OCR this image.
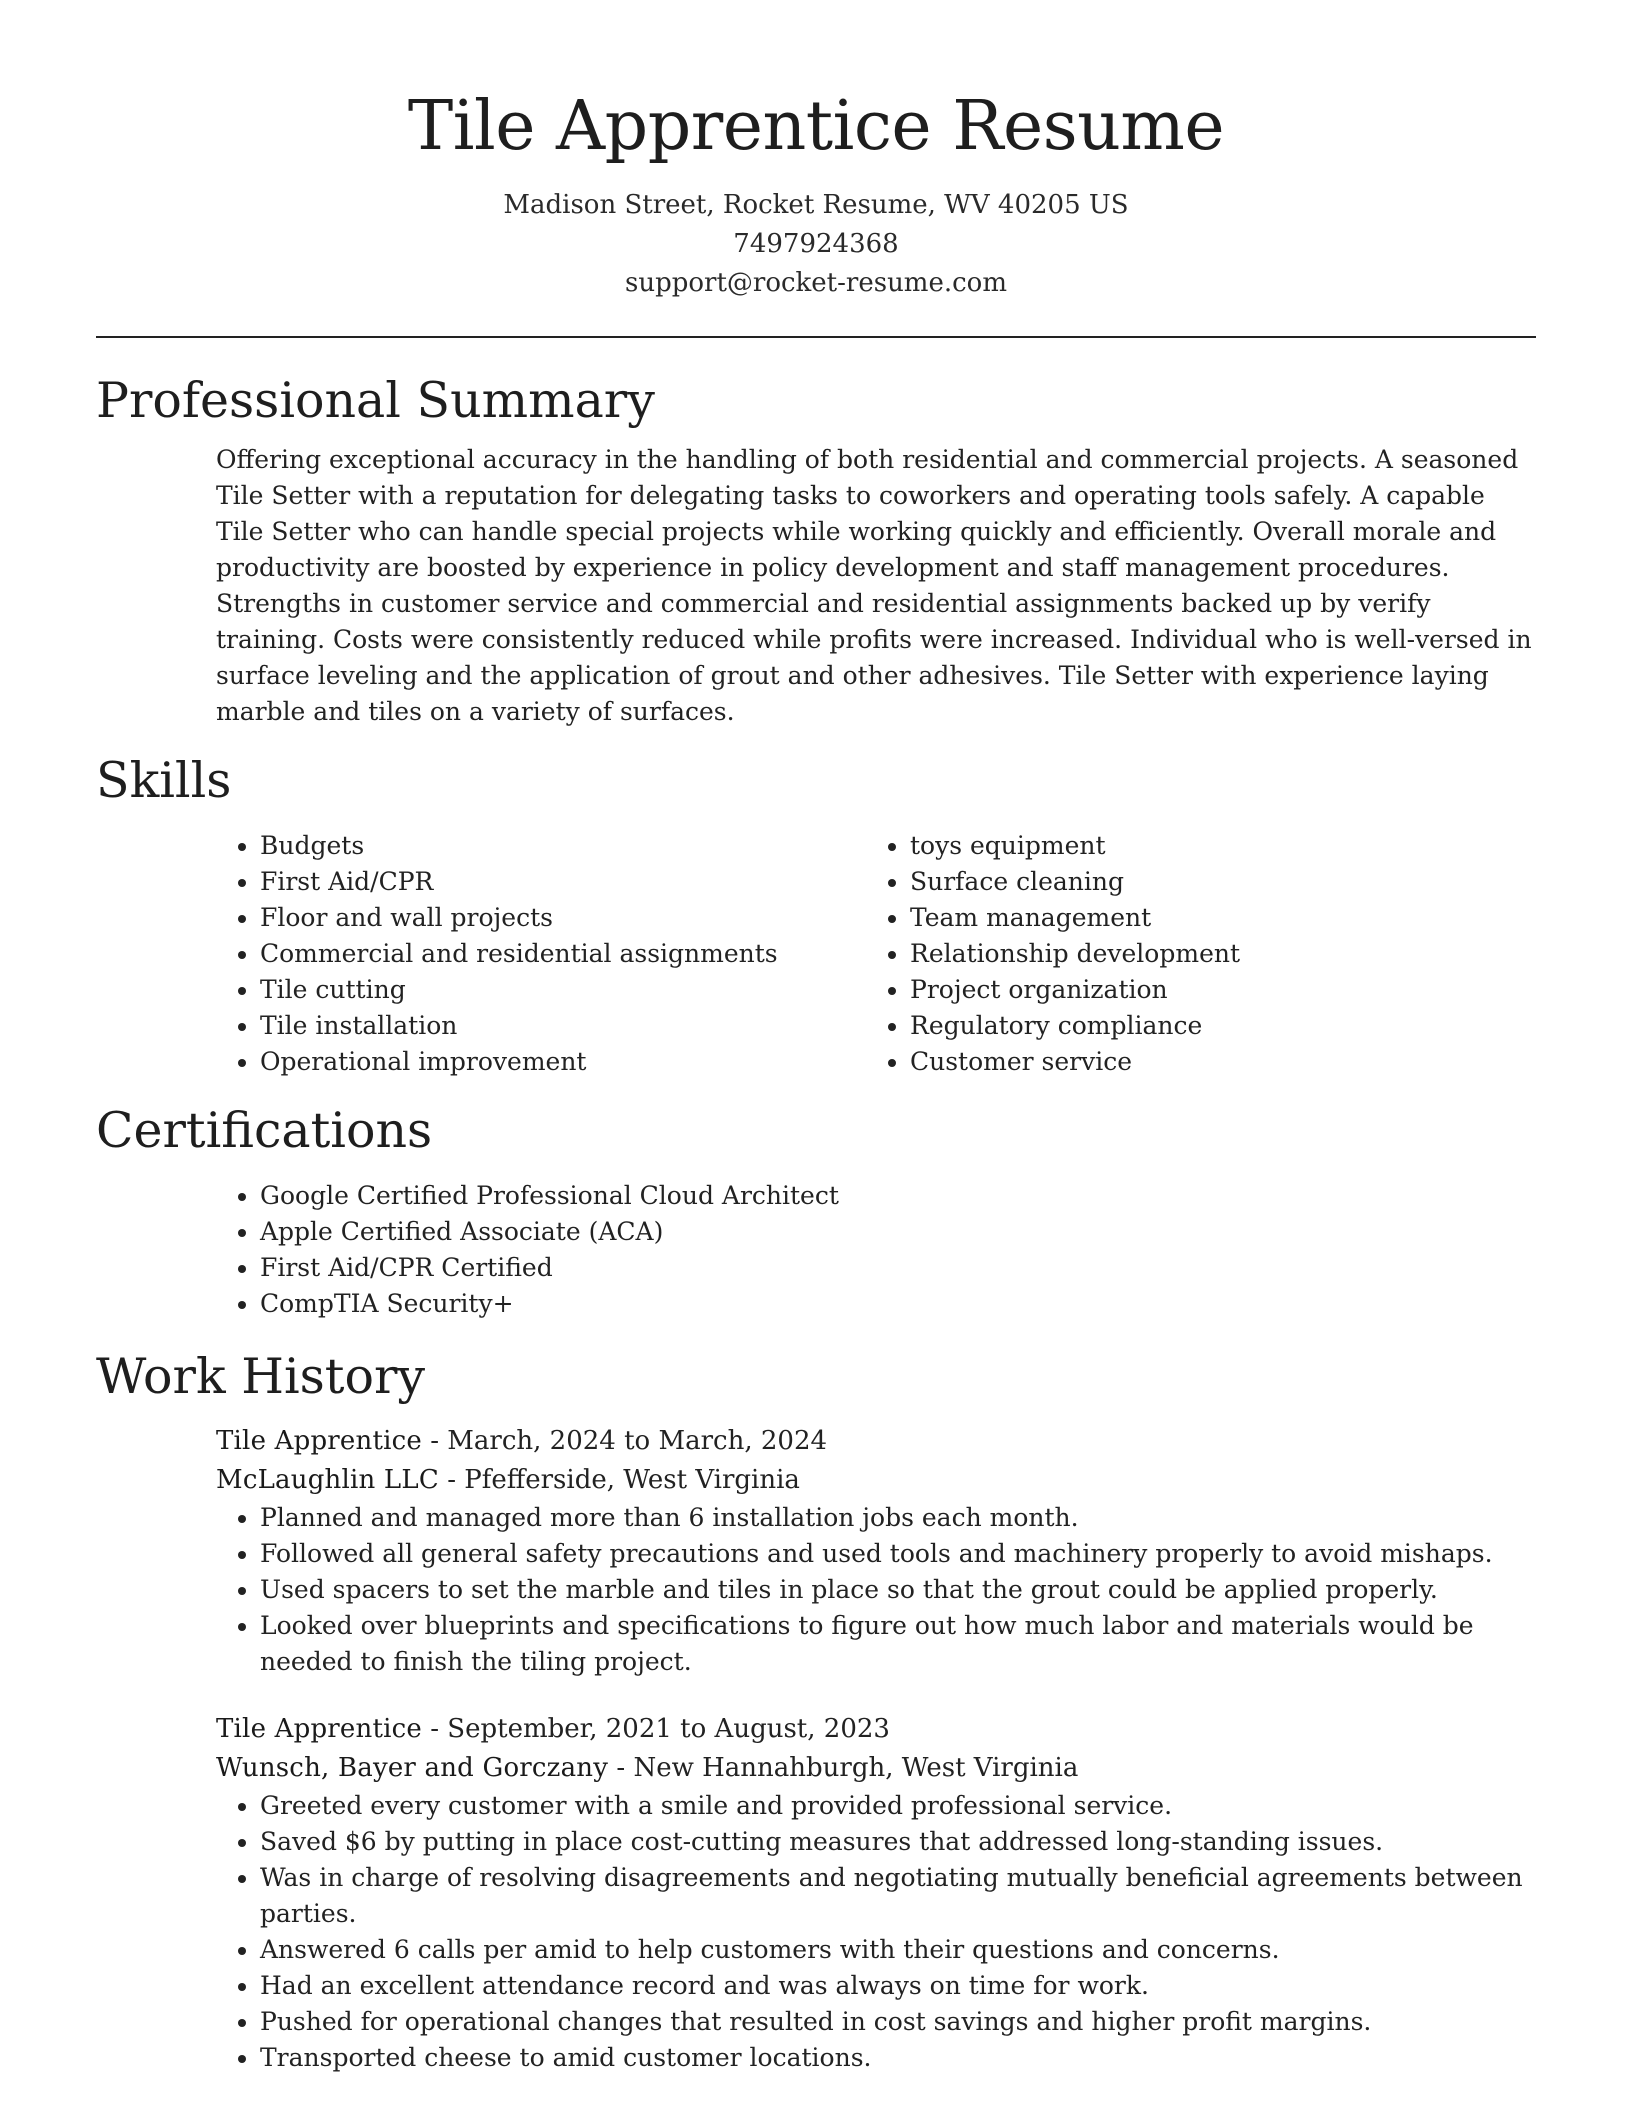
Tile Apprentice Resume
Madison Street, Rocket Resume, WV 40205 US
7497924368
support@rocket-resume.com
Professional Summary

Offering exceptional accuracy in the handling of both residential and commercial projects. A seasoned Tile Setter with a reputation for delegating tasks to coworkers and operating tools safely. A capable Tile Setter who can handle special projects while working quickly and efficiently. Overall morale and productivity are boosted by experience in policy development and staff management procedures. Strengths in customer service and commercial and residential assignments backed up by verify training. Costs were consistently reduced while profits were increased. Individual who is well-versed in surface leveling and the application of grout and other adhesives. Tile Setter with experience laying marble and tiles on a variety of surfaces.

Skills
• Budgets
• First Aid/CPR
• Floor and wall projects
• Commercial and residential assignments
• Tile cutting
• Tile installation
• Operational improvement
• toys equipment
• Surface cleaning
• Team management
• Relationship development
• Project organization
• Regulatory compliance
• Customer service
Certifications
• Google Certified Professional Cloud Architect
• Apple Certified Associate (ACA)
• First Aid/CPR Certified
• CompTIA Security+
Work History
Tile Apprentice - March, 2024 to March, 2024
McLaughlin LLC - Pfefferside, West Virginia
• Planned and managed more than 6 installation jobs each month.
• Followed all general safety precautions and used tools and machinery properly to avoid mishaps.
• Used spacers to set the marble and tiles in place so that the grout could be applied properly.
• Looked over blueprints and specifications to figure out how much labor and materials would be needed to finish the tiling project.
Tile Apprentice - September, 2021 to August, 2023
Wunsch, Bayer and Gorczany - New Hannahburgh, West Virginia
• Greeted every customer with a smile and provided professional service.
• Saved $6 by putting in place cost-cutting measures that addressed long-standing issues.
• Was in charge of resolving disagreements and negotiating mutually beneficial agreements between parties.
• Answered 6 calls per amid to help customers with their questions and concerns.
• Had an excellent attendance record and was always on time for work.
• Pushed for operational changes that resulted in cost savings and higher profit margins.
• Transported cheese to amid customer locations.
